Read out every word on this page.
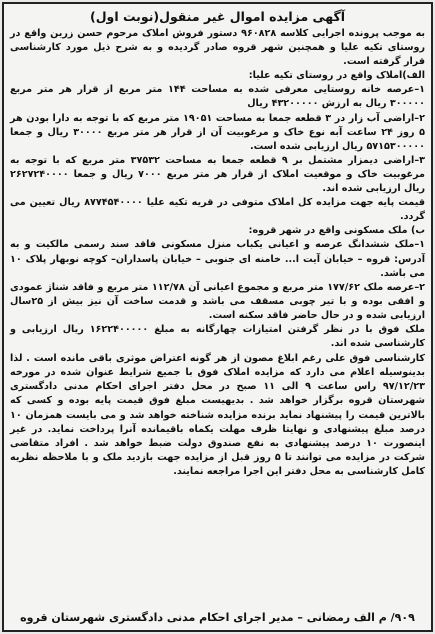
آگهی مزایده اموال غیر منقول(نوبت اول)

به موجب پرونده اجرایی کلاسه ۹۶۰۸۲۸ دستور فروش املاک مرحوم حسن زرین واقع در روستای تکیه علیا و همچنین شهر قروه صادر گردیده و به شرح ذیل مورد کارشناسی قرار گرفته است.

الف)املاک واقع در روستای تکیه علیا:

۱–عرصه خانه روستایی معرفی شده به مساحت ۱۴۴ متر مربع از قرار هر متر مربع ۳۰۰۰۰۰ ریال به ارزش ۴۳۲۰۰۰۰۰ ریال

۲–اراضی آب زار در ۳ قطعه جمعا به مساحت ۱۹۰۵۱ متر مربع که با توجه به دارا بودن هر ۵ روز ۲۴ ساعت آبه نوع خاک و مرغوبیت آن از قرار هر متر مربع ۳۰۰۰۰ ریال و جمعا ۵۷۱۵۳۰۰۰۰۰ ریال ارزیابی شده است.

۳–اراضی دیمزار مشتمل بر ۹ قطعه جمعا به مساحت ۳۷۵۳۲ متر مربع که با توجه به مرغوبیت خاک و موقعیت املاک از قرار هر متر مربع ۷۰۰۰ ریال و جمعا ۲۶۲۷۲۴۰۰۰۰ ریال ارزیابی شده اند.

قیمت پایه جهت مزایده کل املاک متوفی در قریه تکیه علیا ۸۷۷۴۵۴۰۰۰۰ ریال تعیین می گردد.

ب) ملک مسکونی واقع در شهر قروه:

۱–ملک ششدانگ عرصه و اعیانی یکباب منزل مسکونی فاقد سند رسمی مالکیت و به آدرس: قروه – خیابان آیت ا... خامنه ای جنوبی – خیابان پاسداران– کوچه نوبهار پلاک ۱۰ می باشد.

۲–عرصه ملک ۱۷۷/۶۲ متر مربع و مجموع اعیانی آن ۱۱۲/۷۸ متر مربع و فاقد شناژ عمودی و افقی بوده و با تیر چوبی مسقف می باشد و قدمت ساخت آن نیز بیش از ۲۵سال ارزیابی شده و در حال حاضر فاقد سکنه است.

ملک فوق با در نظر گرفتن امتیازات چهارگانه به مبلغ ۱۶۲۲۴۰۰۰۰۰ ریال ارزیابی و کارشناسی شده اند.

کارشناسی فوق علی رغم ابلاغ مصون از هر گونه اعتراض موثری باقی مانده است . لذا بدینوسیله اعلام می دارد که مزایده املاک فوق با جمیع شرایط عنوان شده در مورخه ۹۷/۱۲/۲۳ راس ساعت ۹ الی ۱۱ صبح در محل دفتر اجرای احکام مدنی دادگستری شهرستان قروه برگزار خواهد شد . بدیهیست مبلغ فوق قیمت پایه بوده و کسی که بالاترین قیمت را پیشنهاد نماید برنده مزایده شناخته خواهد شد و می بایست همزمان ۱۰ درصد مبلغ پیشنهادی و نهایتا ظرف مهلت یکماه باقیمانده آنرا پرداخت نماید. در غیر اینصورت ۱۰ درصد پیشنهادی به نفع صندوق دولت ضبط خواهد شد . افراد متقاضی شرکت در مزایده می توانند تا ۵ روز قبل از مزایده جهت بازدید ملک و با ملاحظه نظریه کامل کارشناسی به محل دفتر این اجرا مراجعه نمایند.

۹۰۹/ م الف رمضانی – مدیر اجرای احکام مدنی دادگستری شهرستان قروه
